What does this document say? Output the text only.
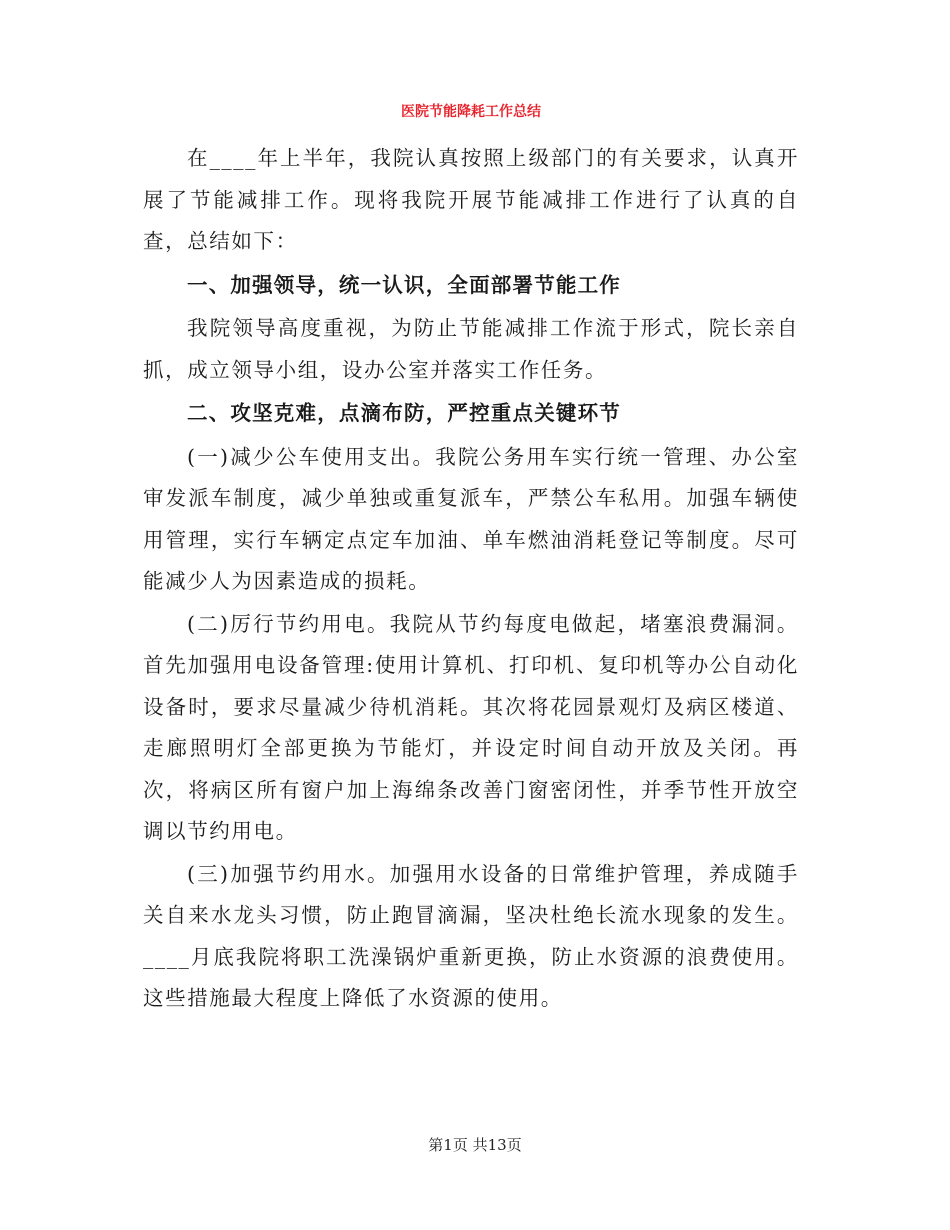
医院节能降耗工作总结

在____年上半年，我院认真按照上级部门的有关要求，认真开展了节能减排工作。现将我院开展节能减排工作进行了认真的自查，总结如下：

一、加强领导，统一认识，全面部署节能工作

我院领导高度重视，为防止节能减排工作流于形式，院长亲自抓，成立领导小组，设办公室并落实工作任务。

二、攻坚克难，点滴布防，严控重点关键环节

(一)减少公车使用支出。我院公务用车实行统一管理、办公室审发派车制度，减少单独或重复派车，严禁公车私用。加强车辆使用管理，实行车辆定点定车加油、单车燃油消耗登记等制度。尽可能减少人为因素造成的损耗。

(二)厉行节约用电。我院从节约每度电做起，堵塞浪费漏洞。首先加强用电设备管理:使用计算机、打印机、复印机等办公自动化设备时，要求尽量减少待机消耗。其次将花园景观灯及病区楼道、走廊照明灯全部更换为节能灯，并设定时间自动开放及关闭。再次，将病区所有窗户加上海绵条改善门窗密闭性，并季节性开放空调以节约用电。

(三)加强节约用水。加强用水设备的日常维护管理，养成随手关自来水龙头习惯，防止跑冒滴漏，坚决杜绝长流水现象的发生。____月底我院将职工洗澡锅炉重新更换，防止水资源的浪费使用。这些措施最大程度上降低了水资源的使用。

第1页 共13页
